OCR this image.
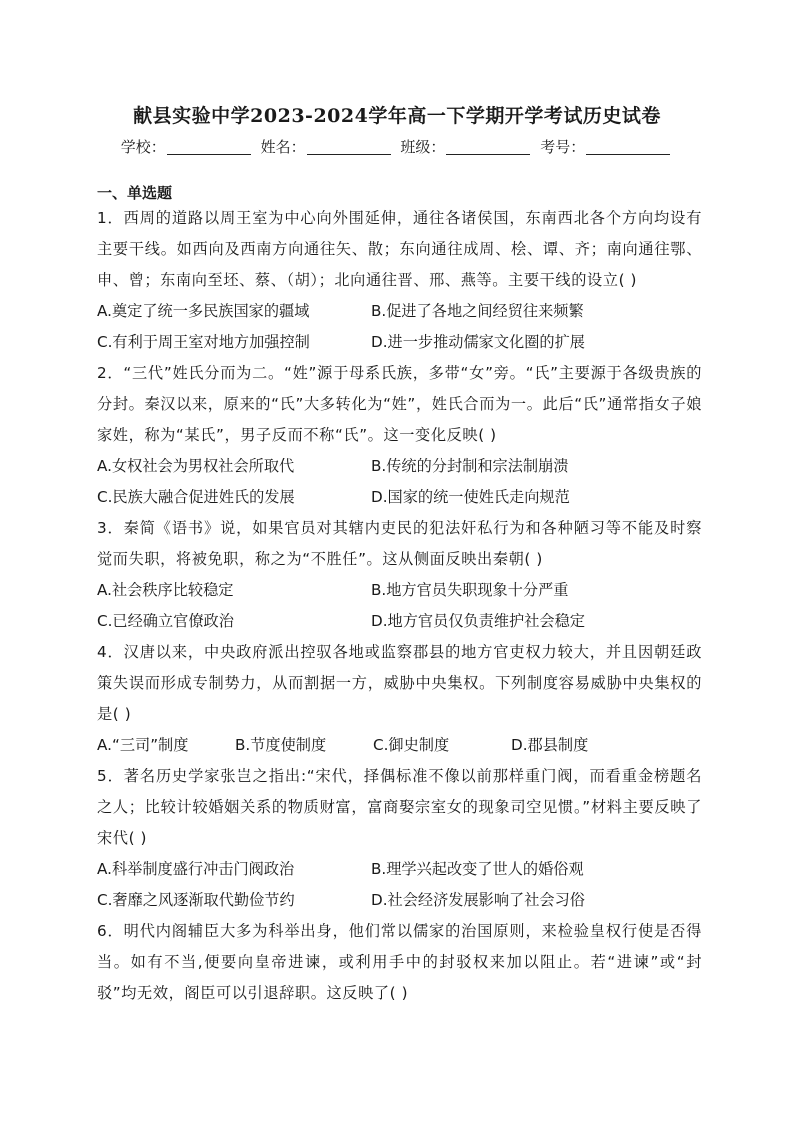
献县实验中学2023-2024学年高一下学期开学考试历史试卷
学校：	姓名：	班级：	考号：
一、单选题
1．西周的道路以周王室为中心向外围延伸，通往各诸侯国，东南西北各个方向均设有主要干线。如西向及西南方向通往矢、散；东向通往成周、桧、谭、齐；南向通往鄂、申、曾；东南向至坯、蔡、（胡）；北向通往晋、邢、燕等。主要干线的设立( )
A.奠定了统一多民族国家的疆域	B.促进了各地之间经贸往来频繁
C.有利于周王室对地方加强控制	D.进一步推动儒家文化圈的扩展
2．“三代”姓氏分而为二。“姓”源于母系氏族，多带“女”旁。“氏”主要源于各级贵族的分封。秦汉以来，原来的“氏”大多转化为“姓”，姓氏合而为一。此后“氏”通常指女子娘家姓，称为“某氏”，男子反而不称“氏”。这一变化反映( )
A.女权社会为男权社会所取代	B.传统的分封制和宗法制崩溃
C.民族大融合促进姓氏的发展	D.国家的统一使姓氏走向规范
3．秦简《语书》说，如果官员对其辖内吏民的犯法奸私行为和各种陋习等不能及时察觉而失职，将被免职，称之为“不胜任”。这从侧面反映出秦朝( )
A.社会秩序比较稳定	B.地方官员失职现象十分严重
C.已经确立官僚政治	D.地方官员仅负责维护社会稳定
4．汉唐以来，中央政府派出控驭各地或监察郡县的地方官吏权力较大，并且因朝廷政策失误而形成专制势力，从而割据一方，威胁中央集权。下列制度容易威胁中央集权的是( )
A.“三司”制度	B.节度使制度	C.御史制度	D.郡县制度
5．著名历史学家张岂之指出:“宋代，择偶标准不像以前那样重门阀，而看重金榜题名之人；比较计较婚姻关系的物质财富，富商娶宗室女的现象司空见惯。”材料主要反映了宋代( )
A.科举制度盛行冲击门阀政治	B.理学兴起改变了世人的婚俗观
C.奢靡之风逐渐取代勤俭节约	D.社会经济发展影响了社会习俗
6．明代内阁辅臣大多为科举出身，他们常以儒家的治国原则，来检验皇权行使是否得当。如有不当,便要向皇帝进谏，或利用手中的封驳权来加以阻止。若“进谏”或“封驳”均无效，阁臣可以引退辞职。这反映了( )
